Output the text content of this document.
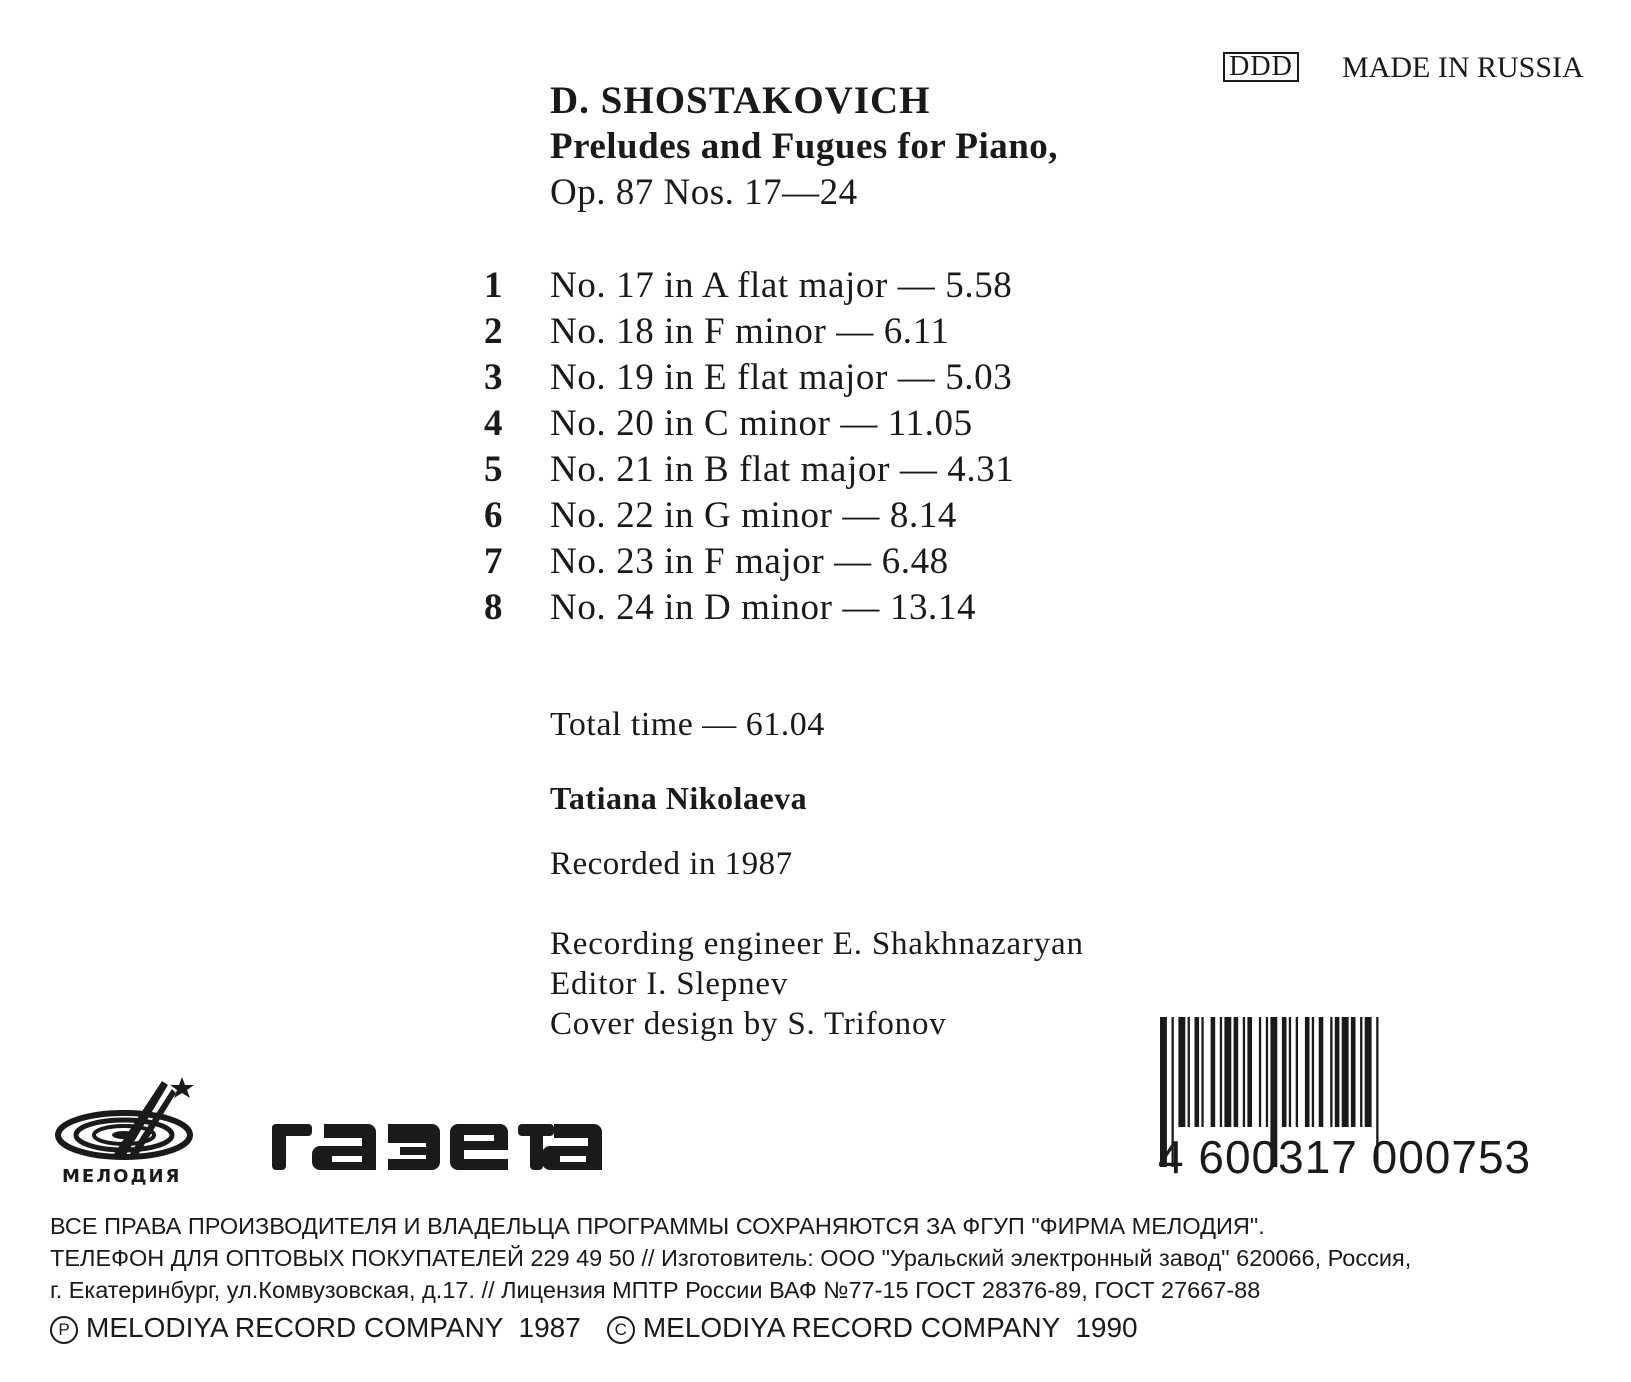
DDD MADE IN RUSSIA
D. SHOSTAKOVICH
Preludes and Fugues for Piano,
Op. 87 Nos. 17—24
1	No. 17 in A flat major — 5.58
2	No. 18 in F minor — 6.11
3	No. 19 in E flat major — 5.03
4	No. 20 in C minor — 11.05
5	No. 21 in B flat major — 4.31
6	No. 22 in G minor — 8.14
7	No. 23 in F major — 6.48
8	No. 24 in D minor — 13.14
Total time — 61.04
Tatiana Nikolaeva
Recorded in 1987
Recording engineer E. Shakhnazaryan
Editor I. Slepnev
Cover design by S. Trifonov
МЕЛОДИЯ
газета
4 600317 000753
ВСЕ ПРАВА ПРОИЗВОДИТЕЛЯ И ВЛАДЕЛЬЦА ПРОГРАММЫ СОХРАНЯЮТСЯ ЗА ФГУП "ФИРМА МЕЛОДИЯ".
ТЕЛЕФОН ДЛЯ ОПТОВЫХ ПОКУПАТЕЛЕЙ 229 49 50 // Изготовитель: ООО "Уральский электронный завод" 620066, Россия,
г. Екатеринбург, ул.Комвузовская, д.17. // Лицензия МПТР России ВАФ №77-15 ГОСТ 28376-89, ГОСТ 27667-88
P MELODIYA RECORD COMPANY  1987 C MELODIYA RECORD COMPANY  1990
